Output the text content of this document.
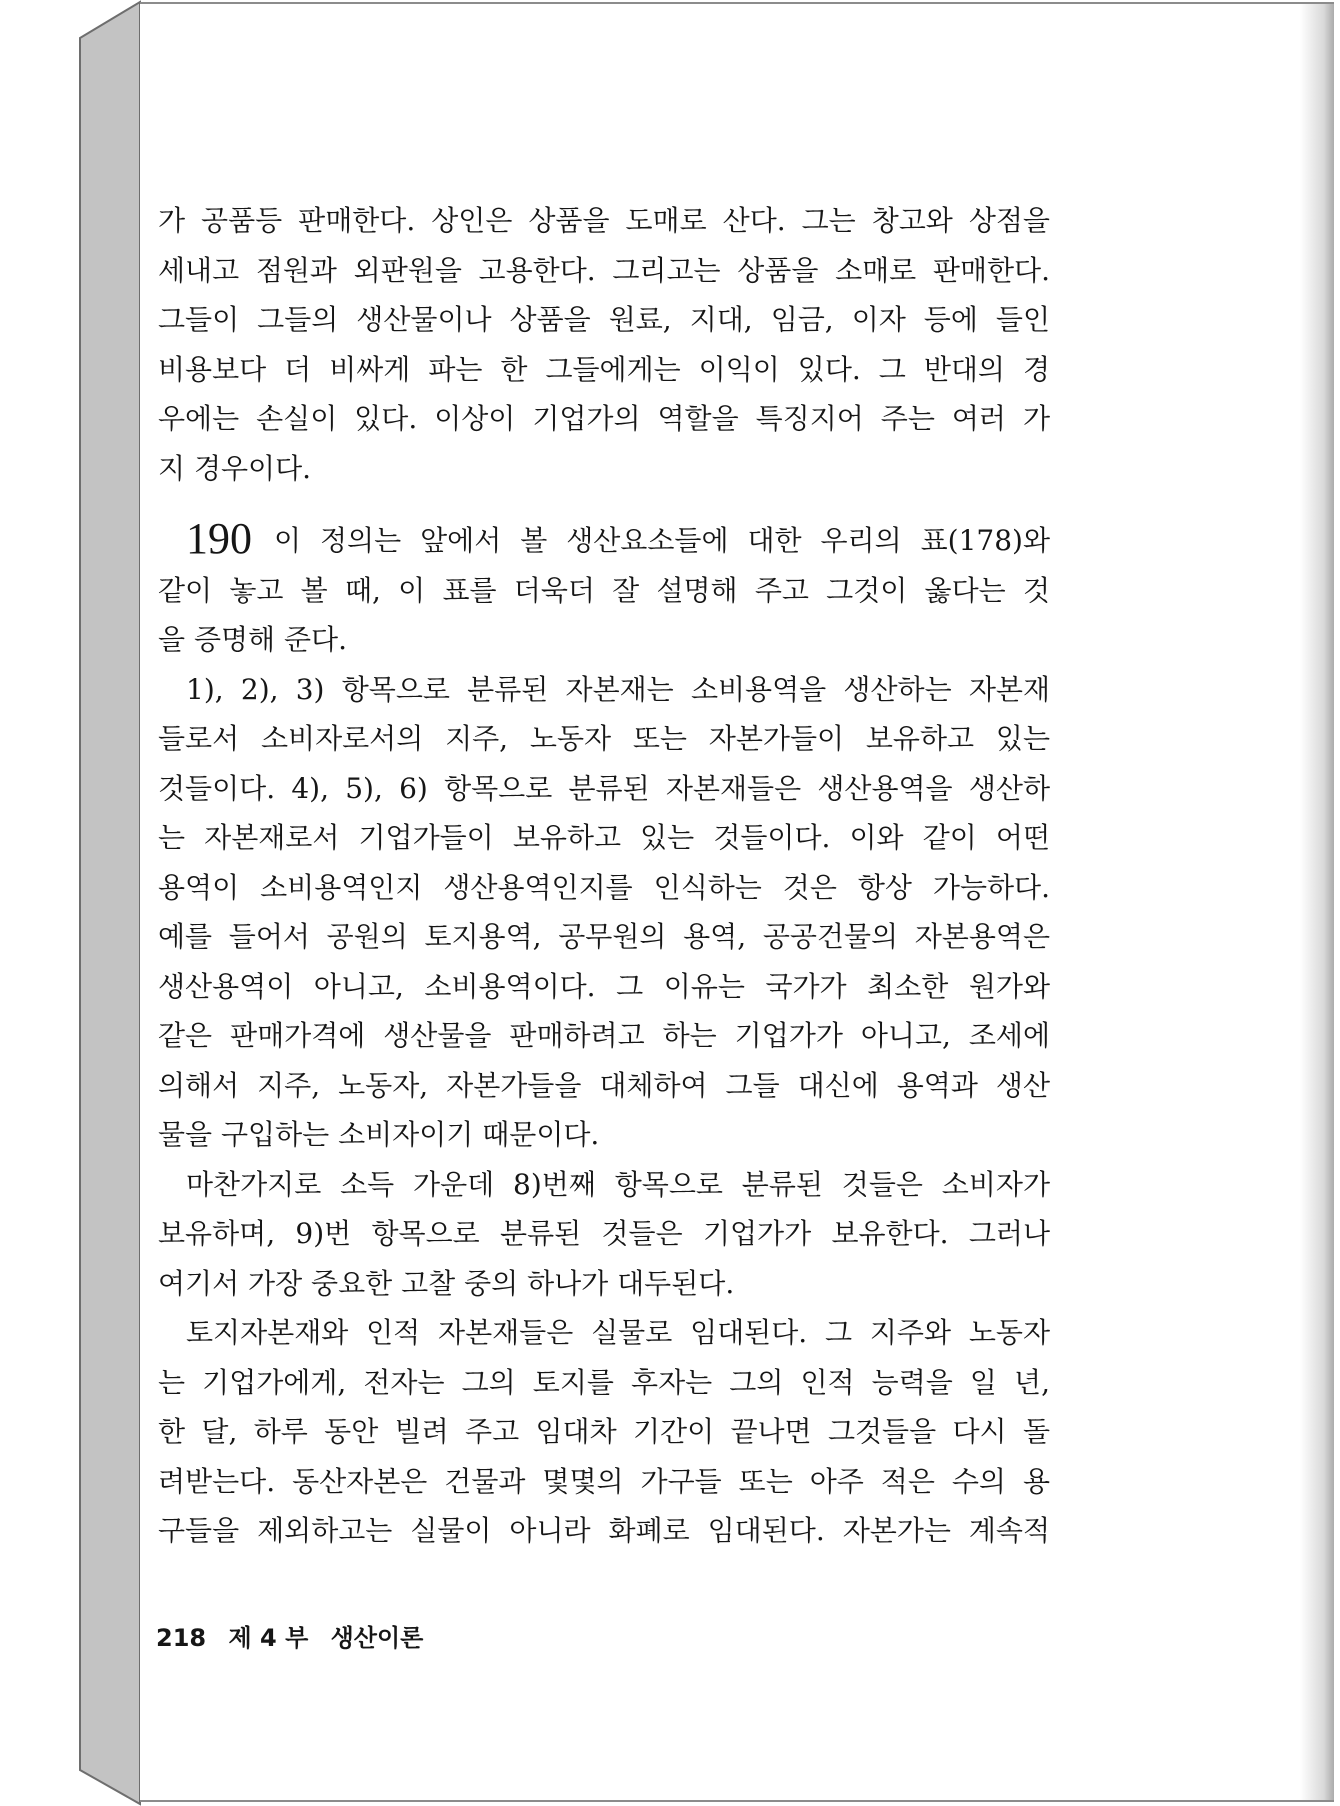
가 공품등 판매한다. 상인은 상품을 도매로 산다. 그는 창고와 상점을
세내고 점원과 외판원을 고용한다. 그리고는 상품을 소매로 판매한다.
그들이 그들의 생산물이나 상품을 원료, 지대, 임금, 이자 등에 들인
비용보다 더 비싸게 파는 한 그들에게는 이익이 있다. 그 반대의 경
우에는 손실이 있다. 이상이 기업가의 역할을 특징지어 주는 여러 가
지 경우이다.
190 이 정의는 앞에서 볼 생산요소들에 대한 우리의 표(178)와
같이 놓고 볼 때, 이 표를 더욱더 잘 설명해 주고 그것이 옳다는 것
을 증명해 준다.
1), 2), 3) 항목으로 분류된 자본재는 소비용역을 생산하는 자본재
들로서 소비자로서의 지주, 노동자 또는 자본가들이 보유하고 있는
것들이다. 4), 5), 6) 항목으로 분류된 자본재들은 생산용역을 생산하
는 자본재로서 기업가들이 보유하고 있는 것들이다. 이와 같이 어떤
용역이 소비용역인지 생산용역인지를 인식하는 것은 항상 가능하다.
예를 들어서 공원의 토지용역, 공무원의 용역, 공공건물의 자본용역은
생산용역이 아니고, 소비용역이다. 그 이유는 국가가 최소한 원가와
같은 판매가격에 생산물을 판매하려고 하는 기업가가 아니고, 조세에
의해서 지주, 노동자, 자본가들을 대체하여 그들 대신에 용역과 생산
물을 구입하는 소비자이기 때문이다.
마찬가지로 소득 가운데 8)번째 항목으로 분류된 것들은 소비자가
보유하며, 9)번 항목으로 분류된 것들은 기업가가 보유한다. 그러나
여기서 가장 중요한 고찰 중의 하나가 대두된다.
토지자본재와 인적 자본재들은 실물로 임대된다. 그 지주와 노동자
는 기업가에게, 전자는 그의 토지를 후자는 그의 인적 능력을 일 년,
한 달, 하루 동안 빌려 주고 임대차 기간이 끝나면 그것들을 다시 돌
려받는다. 동산자본은 건물과 몇몇의 가구들 또는 아주 적은 수의 용
구들을 제외하고는 실물이 아니라 화폐로 임대된다. 자본가는 계속적
218 제 4 부 생산이론
